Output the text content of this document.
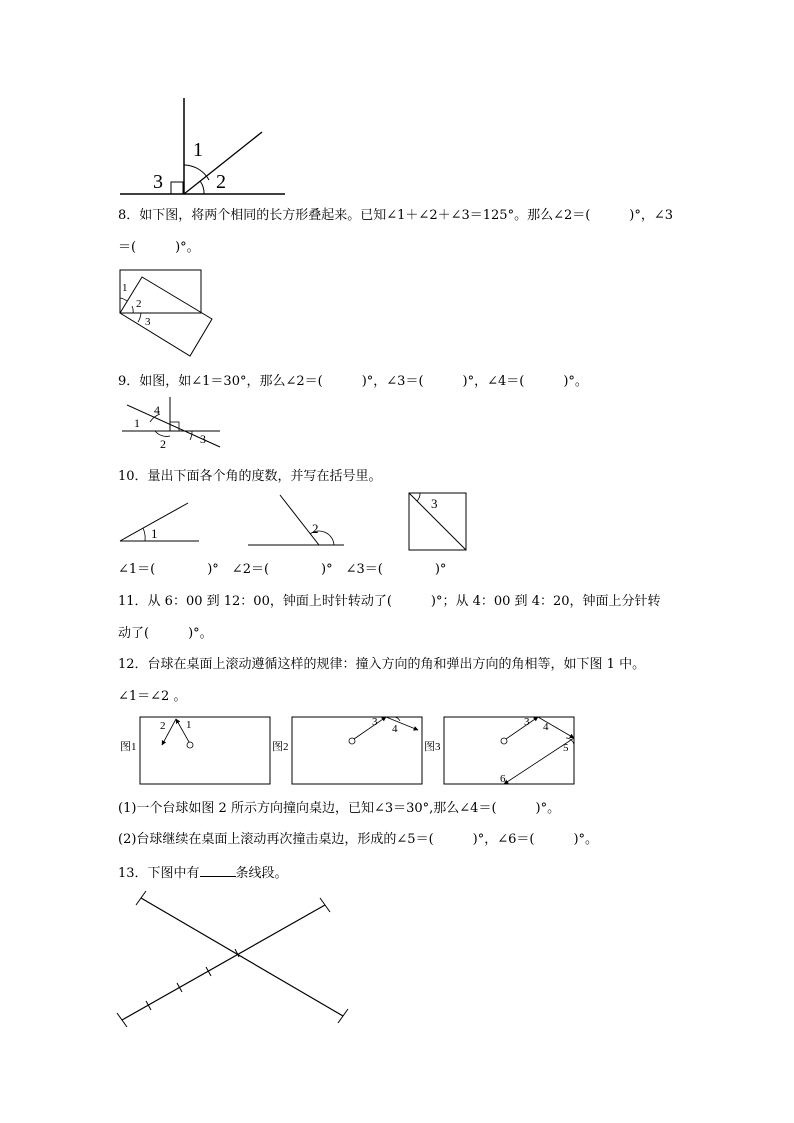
1
2
3
8．如下图，将两个相同的长方形叠起来。已知∠1＋∠2＋∠3＝125°。那么∠2＝(　　　)°，∠3
＝(　　　)°。
1
2
3
9．如图，如∠1＝30°，那么∠2＝(　　　)°，∠3＝(　　　)°，∠4＝(　　　)°。
1
2	3
4
10．量出下面各个角的度数，并写在括号里。
1	2
3
∠1＝(　　　　)°　∠2＝(　　　　)°　∠3＝(　　　　)°
11．从 6：00 到 12：00，钟面上时针转动了(　　　)°；从 4：00 到 4：20，钟面上分针转
动了(　　　)°。
12．台球在桌面上滚动遵循这样的规律：撞入方向的角和弹出方向的角相等，如下图 1 中。
∠1＝∠2 。
2 1
图1
3
4
图2
3 4
5
6
图3
(1)一个台球如图 2 所示方向撞向桌边，已知∠3＝30°,那么∠4＝(　　　)°。
(2)台球继续在桌面上滚动再次撞击桌边，形成的∠5＝(　　　)°，∠6＝(　　　)°。
13．下图中有	条线段。
